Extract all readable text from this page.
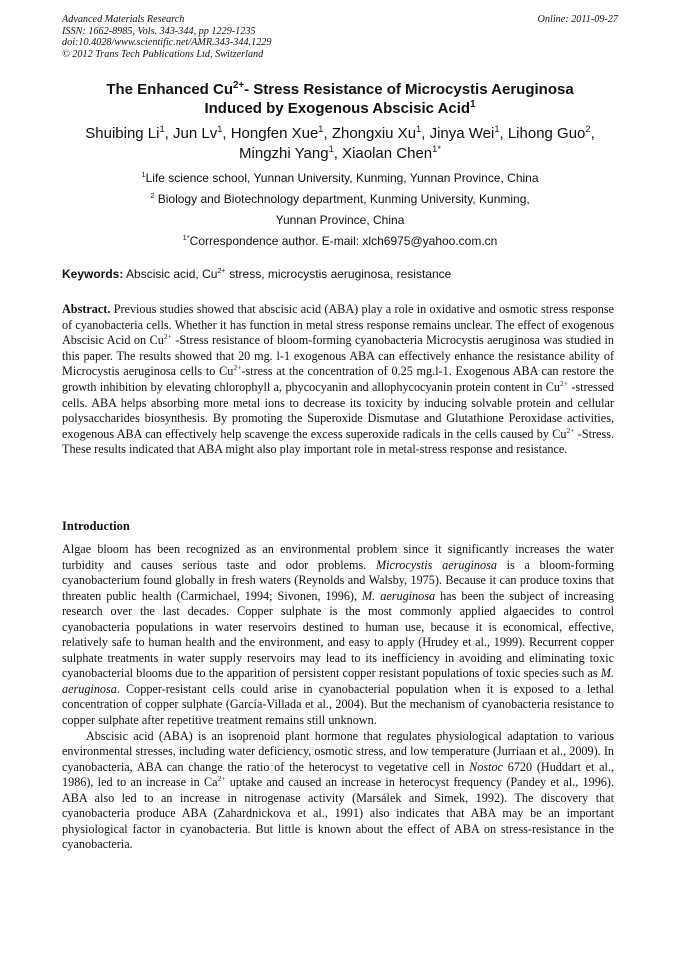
Advanced Materials Research
ISSN: 1662-8985, Vols. 343-344, pp 1229-1235
doi:10.4028/www.scientific.net/AMR.343-344.1229
© 2012 Trans Tech Publications Ltd, Switzerland
Online: 2011-09-27
The Enhanced $Cu^{2+}-$ Stress Resistance of Microcystis Aeruginosa
Induced by Exogenous Abscisic Acid$^1$
Shuibing Li$^1$, Jun Lv$^1$, Hongfen Xue$^1$, Zhongxiu Xu$^1$, Jinya Wei$^1$, Lihong Guo$^2$,
Mingzhi Yang$^1$, Xiaolan Chen$^{1*}$
$^1$Life science school, Yunnan University, Kunming, Yunnan Province, China
$^2$ Biology and Biotechnology department, Kunming University, Kunming,
Yunnan Province, China
$^{1*}$Correspondence author. E-mail: xlch6975@yahoo.com.cn
Keywords: Abscisic acid, $Cu^{2+}$ stress, microcystis aeruginosa, resistance
Abstract. Previous studies showed that abscisic acid (ABA) play a role in oxidative and osmotic stress response of cyanobacteria cells. Whether it has function in metal stress response remains unclear. The effect of exogenous Abscisic Acid on $Cu^{2+}$ -Stress resistance of bloom-forming cyanobacteria Microcystis aeruginosa was studied in this paper. The results showed that 20 mg. l-1 exogenous ABA can effectively enhance the resistance ability of Microcystis aeruginosa cells to $Cu^{2+}$-stress at the concentration of 0.25 mg.l-1. Exogenous ABA can restore the growth inhibition by elevating chlorophyll a, phycocyanin and allophycocyanin protein content in $Cu^{2+}$ -stressed cells. ABA helps absorbing more metal ions to decrease its toxicity by inducing solvable protein and cellular polysaccharides biosynthesis. By promoting the Superoxide Dismutase and Glutathione Peroxidase activities, exogenous ABA can effectively help scavenge the excess superoxide radicals in the cells caused by $Cu^{2+}$ -Stress. These results indicated that ABA might also play important role in metal-stress response and resistance.
Introduction

Algae bloom has been recognized as an environmental problem since it significantly increases the water turbidity and causes serious taste and odor problems. Microcystis aeruginosa is a bloom-forming cyanobacterium found globally in fresh waters (Reynolds and Walsby, 1975). Because it can produce toxins that threaten public health (Carmichael, 1994; Sivonen, 1996), M. aeruginosa has been the subject of increasing research over the last decades. Copper sulphate is the most commonly applied algaecides to control cyanobacteria populations in water reservoirs destined to human use, because it is economical, effective, relatively safe to human health and the environment, and easy to apply (Hrudey et al., 1999). Recurrent copper sulphate treatments in water supply reservoirs may lead to its inefficiency in avoiding and eliminating toxic cyanobacterial blooms due to the apparition of persistent copper resistant populations of toxic species such as M. aeruginosa. Copper-resistant cells could arise in cyanobacterial population when it is exposed to a lethal concentration of copper sulphate (García-Villada et al., 2004). But the mechanism of cyanobacteria resistance to copper sulphate after repetitive treatment remains still unknown.

Abscisic acid (ABA) is an isoprenoid plant hormone that regulates physiological adaptation to various environmental stresses, including water deficiency, osmotic stress, and low temperature (Jurriaan et al., 2009). In cyanobacteria, ABA can change the ratio of the heterocyst to vegetative cell in Nostoc 6720 (Huddart et al., 1986), led to an increase in $Ca^{2+}$ uptake and caused an increase in heterocyst frequency (Pandey et al., 1996). ABA also led to an increase in nitrogenase activity (Marsálek and Simek, 1992). The discovery that cyanobacteria produce ABA (Zahardnickova et al., 1991) also indicates that ABA may be an important physiological factor in cyanobacteria. But little is known about the effect of ABA on stress-resistance in the cyanobacteria.
